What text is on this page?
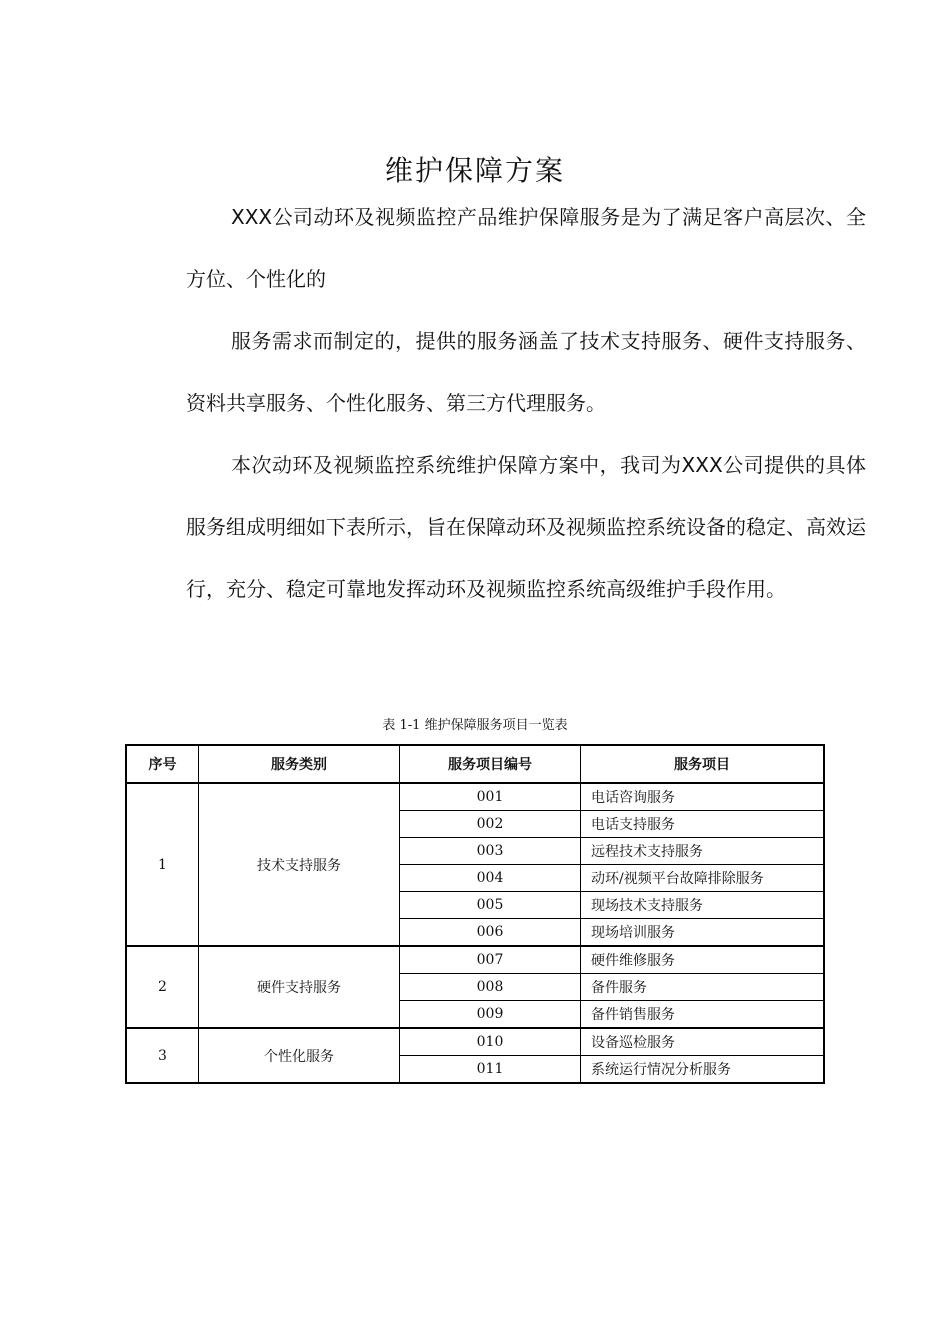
维护保障方案

XXX公司动环及视频监控产品维护保障服务是为了满足客户高层次、全方位、个性化的

服务需求而制定的，提供的服务涵盖了技术支持服务、硬件支持服务、资料共享服务、个性化服务、第三方代理服务。

本次动环及视频监控系统维护保障方案中，我司为XXX公司提供的具体服务组成明细如下表所示，旨在保障动环及视频监控系统设备的稳定、高效运行，充分、稳定可靠地发挥动环及视频监控系统高级维护手段作用。

表 1-1 维护保障服务项目一览表
序号	服务类别	服务项目编号	服务项目
1	技术支持服务	001	电话咨询服务
		002	电话支持服务
		003	远程技术支持服务
		004	动环/视频平台故障排除服务
		005	现场技术支持服务
		006	现场培训服务
2	硬件支持服务	007	硬件维修服务
		008	备件服务
		009	备件销售服务
3	个性化服务	010	设备巡检服务
		011	系统运行情况分析服务
